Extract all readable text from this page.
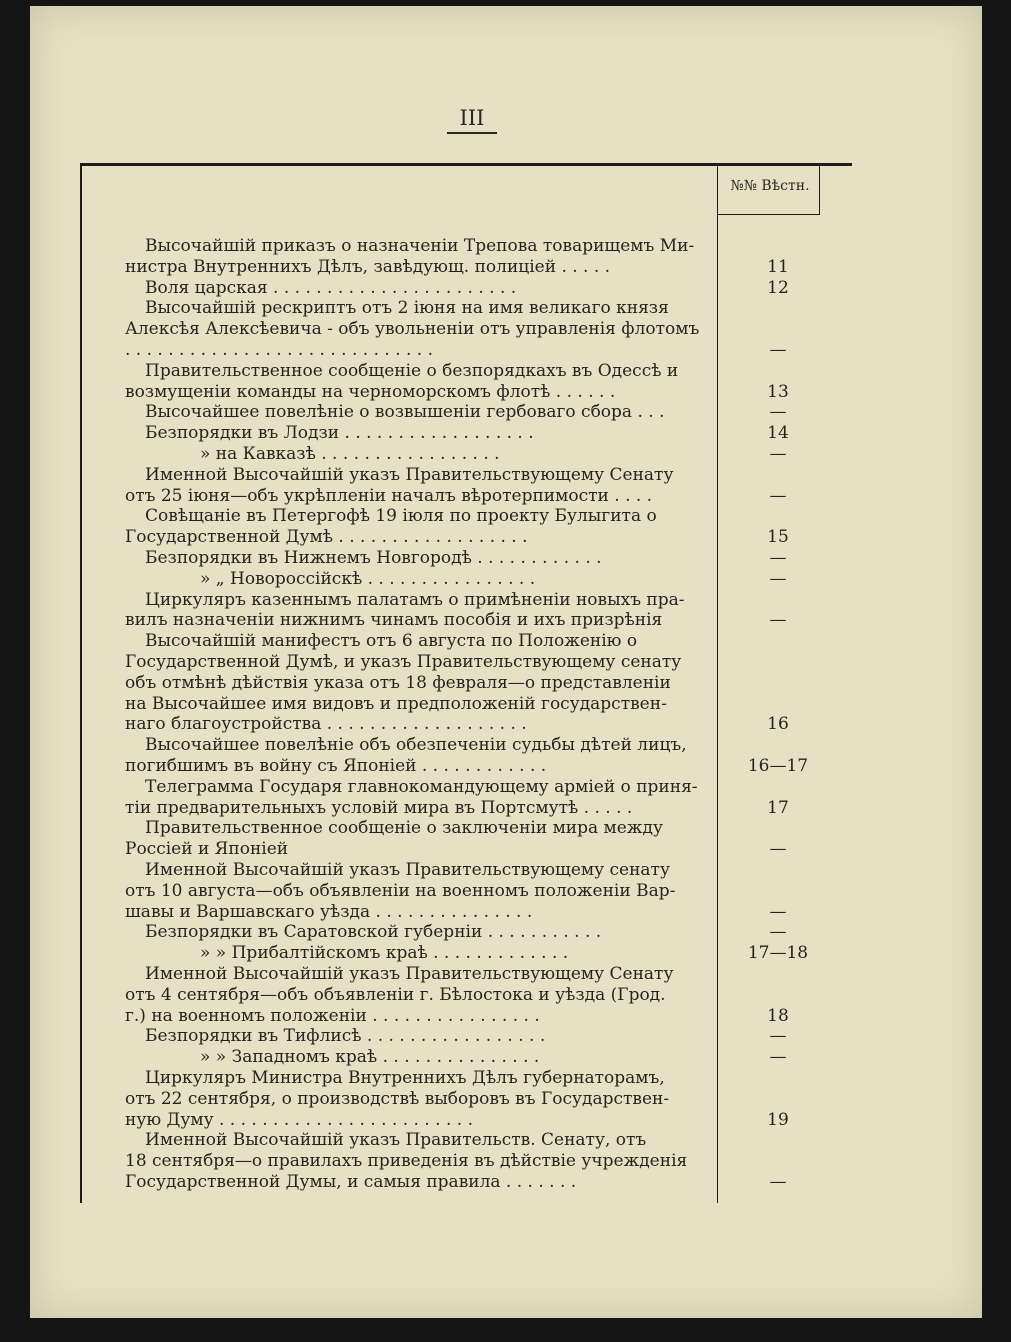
III
№№ Вѣстн.
Высочайшій приказъ о назначеніи Трепова товарищемъ Ми-
нистра Внутреннихъ Дѣлъ, завѣдующ. полиціей . . . . .
Воля царская . . . . . . . . . . . . . . . . . . . . . . .
Высочайшій рескриптъ отъ 2 іюня на имя великаго князя
Алексѣя Алексѣевича - объ увольненіи отъ управленія флотомъ
. . . . . . . . . . . . . . . . . . . . . . . . . . . . .
Правительственное сообщеніе о безпорядкахъ въ Одессѣ и
возмущеніи команды на черноморскомъ флотѣ . . . . . .
Высочайшее повелѣніе о возвышеніи гербоваго сбора . . .
Безпорядки въ Лодзи . . . . . . . . . . . . . . . . . .
» на Кавказѣ . . . . . . . . . . . . . . . . .
Именной Высочайшій указъ Правительствующему Сенату
отъ 25 іюня—объ укрѣпленіи началъ вѣротерпимости . . . .
Совѣщаніе въ Петергофѣ 19 іюля по проекту Булыгита о
Государственной Думѣ . . . . . . . . . . . . . . . . . .
Безпорядки въ Нижнемъ Новгородѣ . . . . . . . . . . . .
» „ Новороссійскѣ . . . . . . . . . . . . . . . .
Циркуляръ казеннымъ палатамъ о примѣненіи новыхъ пра-
вилъ назначеніи нижнимъ чинамъ пособія и ихъ призрѣнія
Высочайшій манифестъ отъ 6 августа по Положенію о
Государственной Думѣ, и указъ Правительствующему сенату
объ отмѣнѣ дѣйствія указа отъ 18 февраля—о представленіи
на Высочайшее имя видовъ и предположеній государствен-
наго благоустройства . . . . . . . . . . . . . . . . . . .
Высочайшее повелѣніе объ обезпеченіи судьбы дѣтей лицъ,
погибшимъ въ войну съ Японіей . . . . . . . . . . . .
Телеграмма Государя главнокомандующему арміей о приня-
тіи предварительныхъ условій мира въ Портсмутѣ . . . . .
Правительственное сообщеніе о заключеніи мира между
Россіей и Японіей
Именной Высочайшій указъ Правительствующему сенату
отъ 10 августа—объ объявленіи на военномъ положеніи Вар-
шавы и Варшавскаго уѣзда . . . . . . . . . . . . . . .
Безпорядки въ Саратовской губерніи . . . . . . . . . . .
» » Прибалтійскомъ краѣ . . . . . . . . . . . . .
Именной Высочайшій указъ Правительствующему Сенату
отъ 4 сентября—объ объявленіи г. Бѣлостока и уѣзда (Грод.
г.) на военномъ положеніи . . . . . . . . . . . . . . . .
Безпорядки въ Тифлисѣ . . . . . . . . . . . . . . . . .
» » Западномъ краѣ . . . . . . . . . . . . . . .
Циркуляръ Министра Внутреннихъ Дѣлъ губернаторамъ,
отъ 22 сентября, о производствѣ выборовъ въ Государствен-
ную Думу . . . . . . . . . . . . . . . . . . . . . . . .
Именной Высочайшій указъ Правительств. Сенату, отъ
18 сентября—о правилахъ приведенія въ дѣйствіе учрежденія
Государственной Думы, и самыя правила . . . . . . .
11
12
—
13
—
14
—
—
15
—
—
—
16
16—17
17
—
—
—
17—18
18
—
—
19
—
